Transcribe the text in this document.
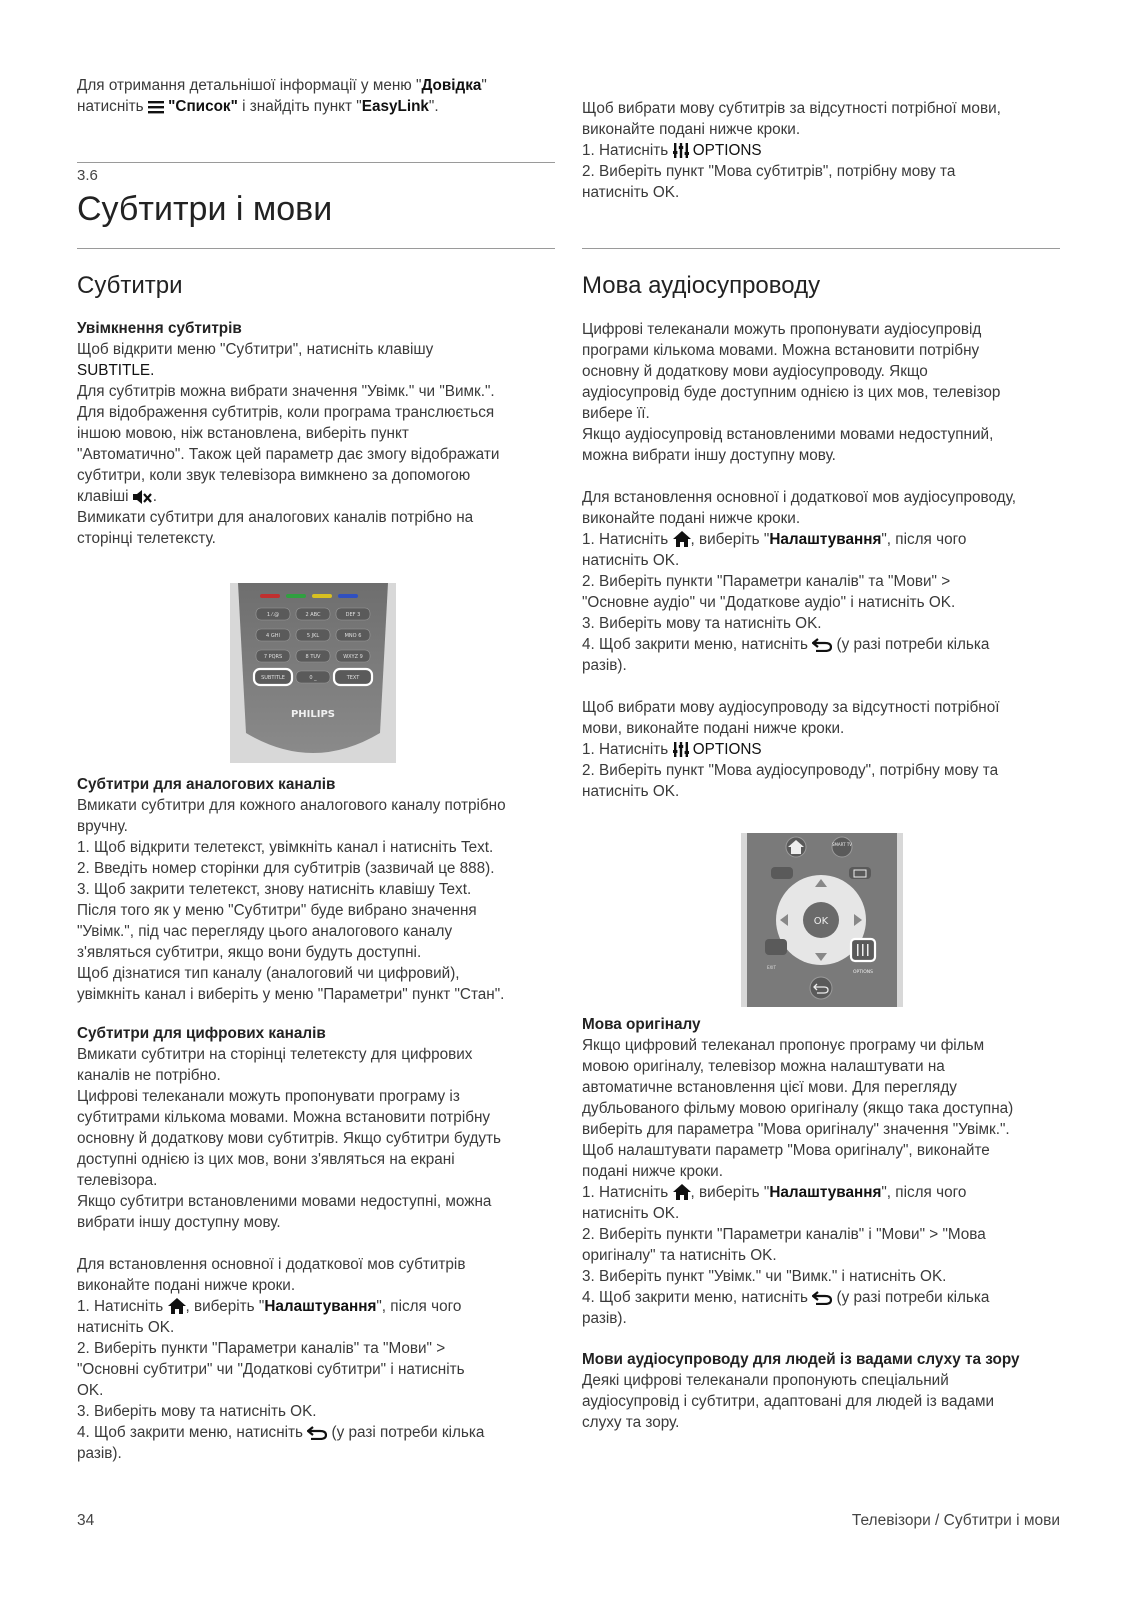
Для отримання детальнішої інформації у меню "Довідка"

натисніть  "Список" і знайдіть пункт "EasyLink".

3.6
Субтитри і мови
Субтитри

Увімкнення субтитрів

Щоб відкрити меню "Субтитри", натисніть клавішу

SUBTITLE.

Для субтитрів можна вибрати значення "Увімк." чи "Вимк.".

Для відображення субтитрів, коли програма транслюється

іншою мовою, ніж встановлена, виберіть пункт

"Автоматично". Також цей параметр дає змогу відображати

субтитри, коли звук телевізора вимкнено за допомогою

клавіші .

Вимикати субтитри для аналогових каналів потрібно на

сторінці телетексту.

1 ⁄.@	2 ABC	DEF 3
4 GHI	5 JKL	MNO 6
7 PQRS	8 TUV	WXYZ 9
SUBTITLE	0 _	TEXT
PHILIPS

Субтитри для аналогових каналів

Вмикати субтитри для кожного аналогового каналу потрібно

вручну.

1. Щоб відкрити телетекст, увімкніть канал і натисніть Text.

2. Введіть номер сторінки для субтитрів (зазвичай це 888).

3. Щоб закрити телетекст, знову натисніть клавішу Text.

Після того як у меню "Субтитри" буде вибрано значення

"Увімк.", під час перегляду цього аналогового каналу

з'являться субтитри, якщо вони будуть доступні.

Щоб дізнатися тип каналу (аналоговий чи цифровий),

увімкніть канал і виберіть у меню "Параметри" пункт "Стан".

Субтитри для цифрових каналів

Вмикати субтитри на сторінці телетексту для цифрових

каналів не потрібно.

Цифрові телеканали можуть пропонувати програму із

субтитрами кількома мовами. Можна встановити потрібну

основну й додаткову мови субтитрів. Якщо субтитри будуть

доступні однією із цих мов, вони з'являться на екрані

телевізора.

Якщо субтитри встановленими мовами недоступні, можна

вибрати іншу доступну мову.

Для встановлення основної і додаткової мов субтитрів

виконайте подані нижче кроки.

1. Натисніть , виберіть "Налаштування", після чого

натисніть OK.

2. Виберіть пункти "Параметри каналів" та "Мови" >

"Основні субтитри" чи "Додаткові субтитри" і натисніть

OK.

3. Виберіть мову та натисніть OK.

4. Щоб закрити меню, натисніть  (у разі потреби кілька

разів).

34

Щоб вибрати мову субтитрів за відсутності потрібної мови,

виконайте подані нижче кроки.

1. Натисніть OPTIONS

2. Виберіть пункт "Мова субтитрів", потрібну мову та

натисніть OK.

Мова аудіосупроводу

Цифрові телеканали можуть пропонувати аудіосупровід

програми кількома мовами. Можна встановити потрібну

основну й додаткову мови аудіосупроводу. Якщо

аудіосупровід буде доступним однією із цих мов, телевізор

вибере її.

Якщо аудіосупровід встановленими мовами недоступний,

можна вибрати іншу доступну мову.

Для встановлення основної і додаткової мов аудіосупроводу,

виконайте подані нижче кроки.

1. Натисніть , виберіть "Налаштування", після чого

натисніть OK.

2. Виберіть пункти "Параметри каналів" та "Мови" >

"Основне аудіо" чи "Додаткове аудіо" і натисніть OK.

3. Виберіть мову та натисніть OK.

4. Щоб закрити меню, натисніть  (у разі потреби кілька

разів).

Щоб вибрати мову аудіосупроводу за відсутності потрібної

мови, виконайте подані нижче кроки.

1. Натисніть OPTIONS

2. Виберіть пункт "Мова аудіосупроводу", потрібну мову та

натисніть OK.

SMART TV
OK
EXIT
OPTIONS

Мова оригіналу

Якщо цифровий телеканал пропонує програму чи фільм

мовою оригіналу, телевізор можна налаштувати на

автоматичне встановлення цієї мови. Для перегляду

дубльованого фільму мовою оригіналу (якщо така доступна)

виберіть для параметра "Мова оригіналу" значення "Увімк.".

Щоб налаштувати параметр "Мова оригіналу", виконайте

подані нижче кроки.

1. Натисніть , виберіть "Налаштування", після чого

натисніть OK.

2. Виберіть пункти "Параметри каналів" і "Мови" > "Мова

оригіналу" та натисніть OK.

3. Виберіть пункт "Увімк." чи "Вимк." і натисніть OK.

4. Щоб закрити меню, натисніть  (у разі потреби кілька

разів).

Мови аудіосупроводу для людей із вадами слуху та зору

Деякі цифрові телеканали пропонують спеціальний

аудіосупровід і субтитри, адаптовані для людей із вадами

слуху та зору.

Телевізори / Субтитри і мови
